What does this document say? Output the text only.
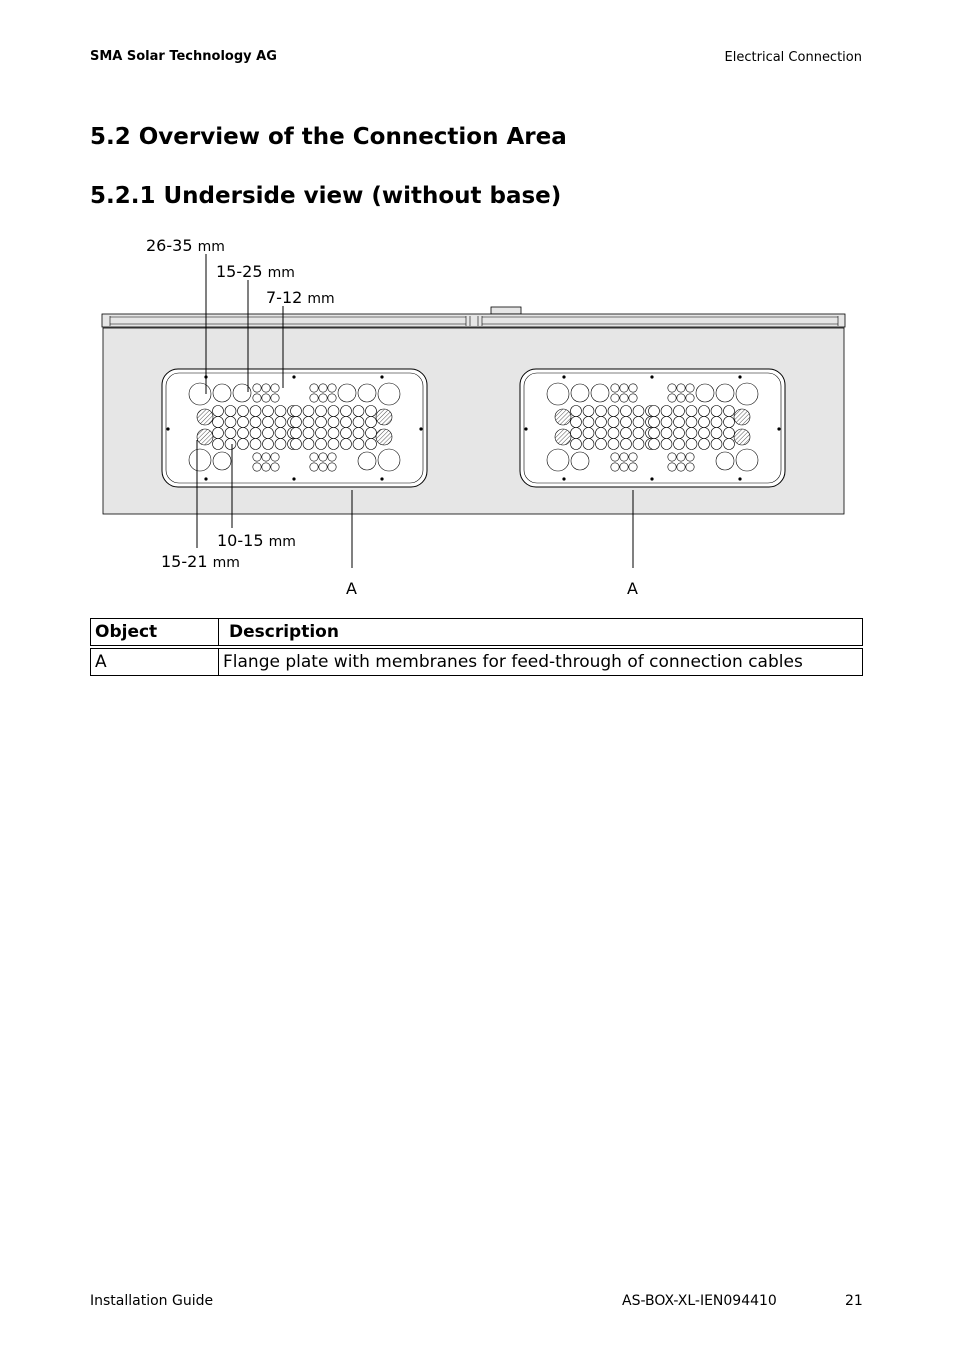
SMA Solar Technology AG	Electrical Connection
5.2 Overview of the Connection Area
5.2.1 Underside view (without base)
26-35 mm
15-25 mm
7-12 mm
10-15 mm
15-21 mm
A	A
Object	Description
A	Flange plate with membranes for feed-through of connection cables
Installation Guide	AS-BOX-XL-IEN094410	21
